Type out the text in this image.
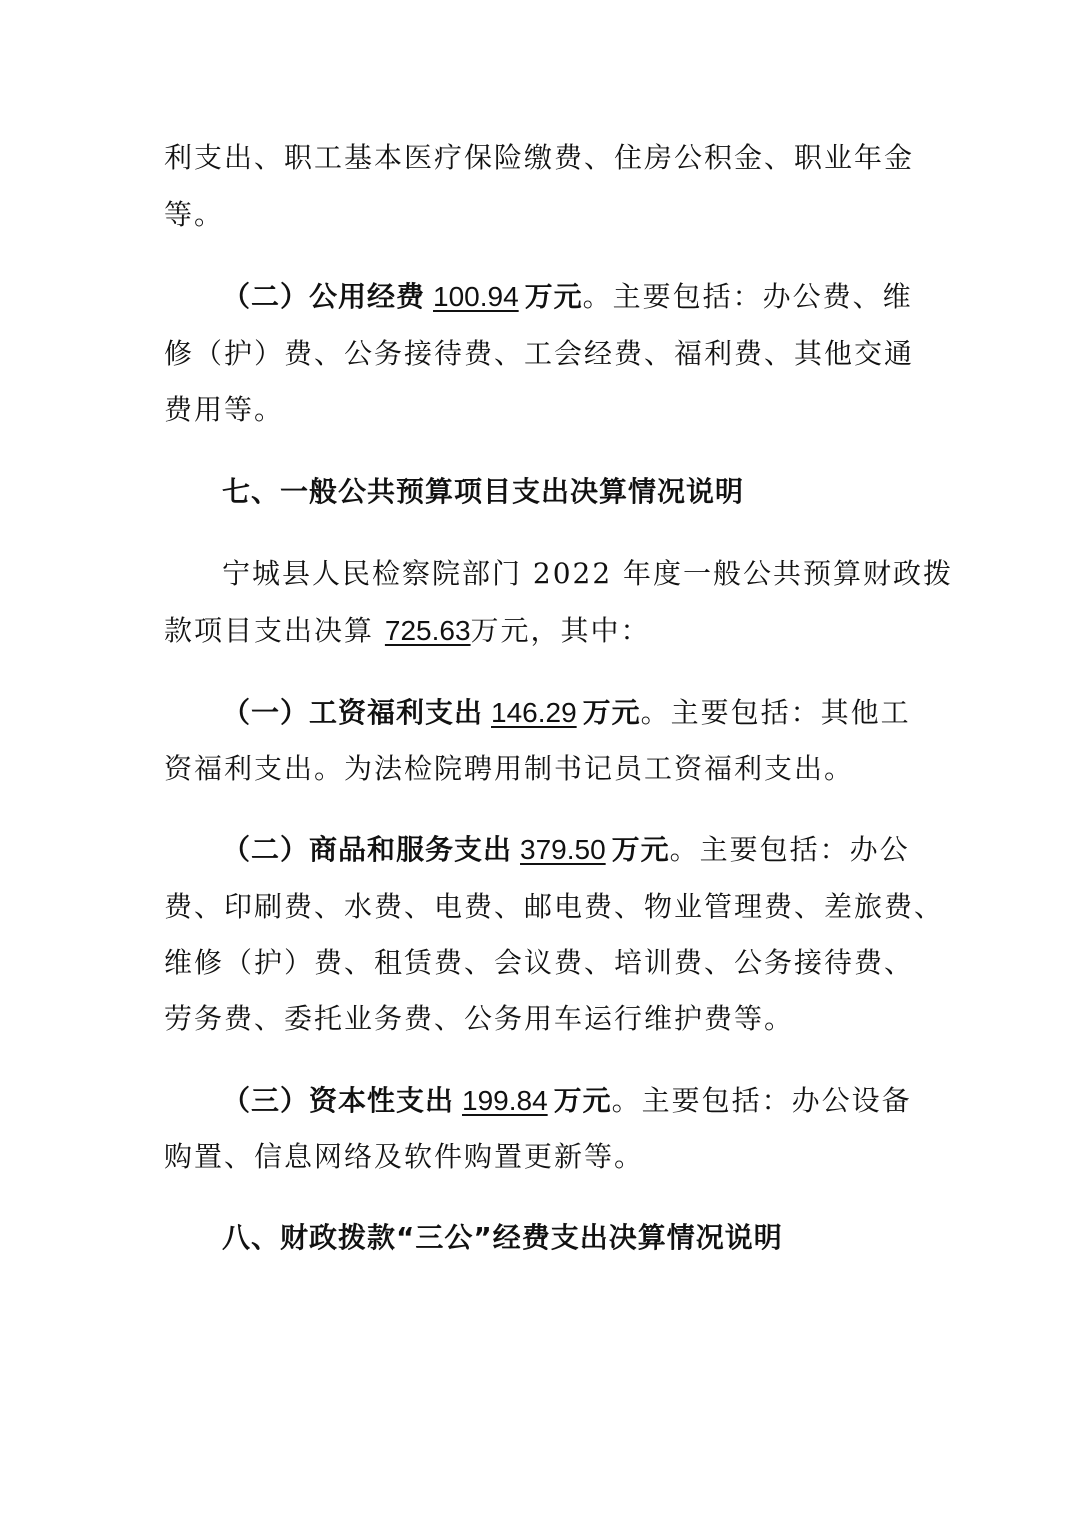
利支出、职工基本医疗保险缴费、住房公积金、职业年金
等。
（二）公用经费 100.94 万元。主要包括：办公费、维
修（护）费、公务接待费、工会经费、福利费、其他交通
费用等。
七、一般公共预算项目支出决算情况说明
宁城县人民检察院部门 2022 年度一般公共预算财政拨
款项目支出决算 725.63万元，其中：
（一）工资福利支出 146.29 万元。主要包括：其他工
资福利支出。为法检院聘用制书记员工资福利支出。
（二）商品和服务支出 379.50 万元。主要包括：办公
费、印刷费、水费、电费、邮电费、物业管理费、差旅费、
维修（护）费、租赁费、会议费、培训费、公务接待费、
劳务费、委托业务费、公务用车运行维护费等。
（三）资本性支出 199.84 万元。主要包括：办公设备
购置、信息网络及软件购置更新等。
八、财政拨款“三公”经费支出决算情况说明
